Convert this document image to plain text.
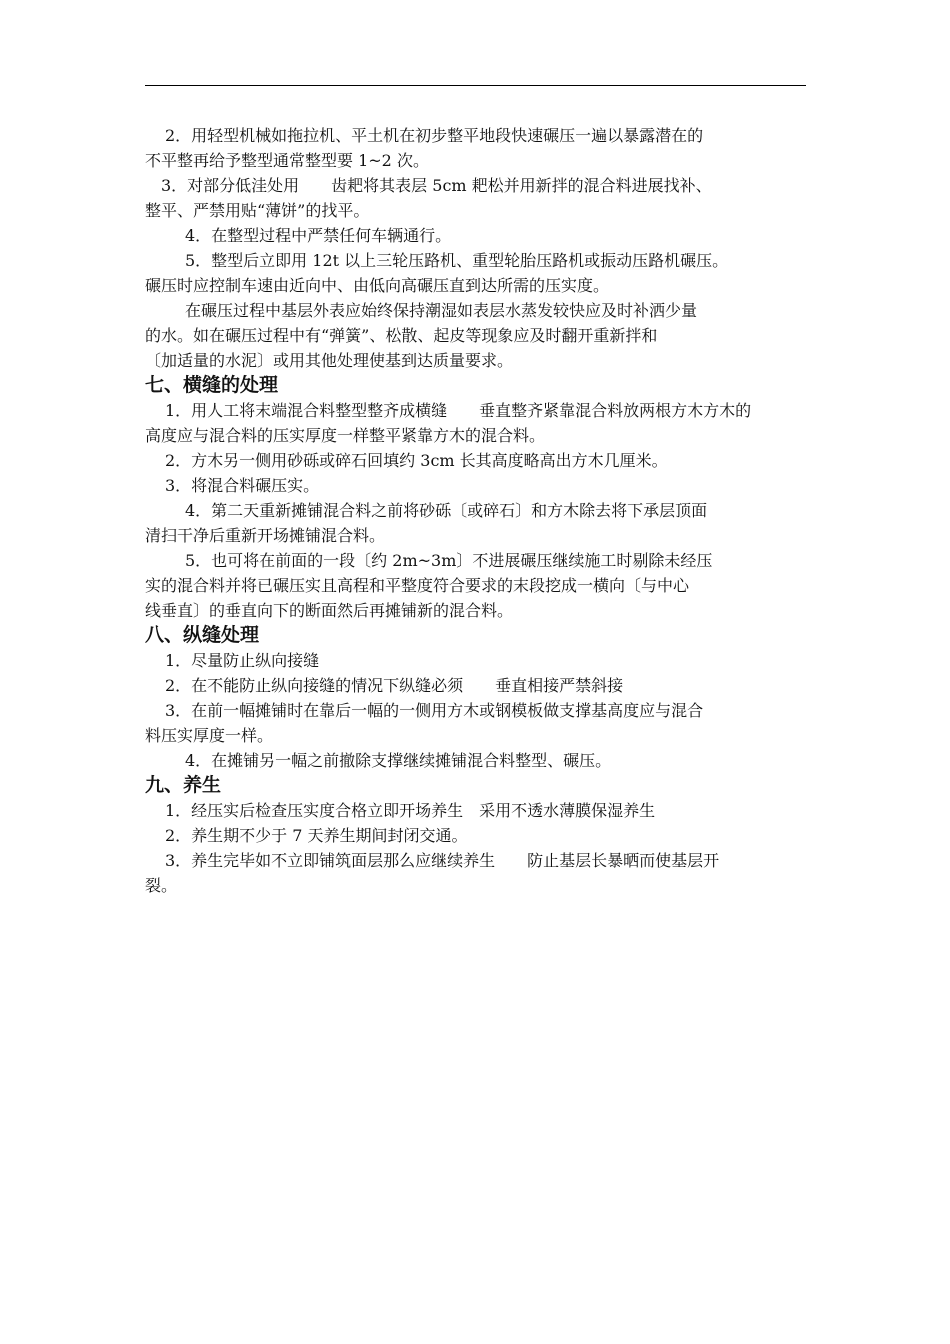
2．用轻型机械如拖拉机、平土机在初步整平地段快速碾压一遍以暴露潜在的

不平整再给予整型通常整型要 1~2 次。

3．对部分低洼处用　　齿耙将其表层 5cm 耙松并用新拌的混合料进展找补、

整平、严禁用贴“薄饼”的找平。

4．在整型过程中严禁任何车辆通行。

5．整型后立即用 12t 以上三轮压路机、重型轮胎压路机或振动压路机碾压。

碾压时应控制车速由近向中、由低向高碾压直到达所需的压实度。

在碾压过程中基层外表应始终保持潮湿如表层水蒸发较快应及时补洒少量

的水。如在碾压过程中有“弹簧”、松散、起皮等现象应及时翻开重新拌和

〔加适量的水泥〕或用其他处理使基到达质量要求。

七、横缝的处理

1．用人工将末端混合料整型整齐成横缝　　垂直整齐紧靠混合料放两根方木方木的

高度应与混合料的压实厚度一样整平紧靠方木的混合料。

2．方木另一侧用砂砾或碎石回填约 3cm 长其高度略高出方木几厘米。

3．将混合料碾压实。

4．第二天重新摊铺混合料之前将砂砾〔或碎石〕和方木除去将下承层顶面

清扫干净后重新开场摊铺混合料。

5．也可将在前面的一段〔约 2m~3m〕不进展碾压继续施工时剔除未经压

实的混合料并将已碾压实且高程和平整度符合要求的末段挖成一横向〔与中心

线垂直〕的垂直向下的断面然后再摊铺新的混合料。

八、纵缝处理

1．尽量防止纵向接缝

2．在不能防止纵向接缝的情况下纵缝必须　　垂直相接严禁斜接

3．在前一幅摊铺时在靠后一幅的一侧用方木或钢模板做支撑基高度应与混合

料压实厚度一样。

4．在摊铺另一幅之前撤除支撑继续摊铺混合料整型、碾压。

九、养生

1．经压实后检查压实度合格立即开场养生　采用不透水薄膜保湿养生

2．养生期不少于 7 天养生期间封闭交通。

3．养生完毕如不立即铺筑面层那么应继续养生　　防止基层长暴晒而使基层开

裂。
